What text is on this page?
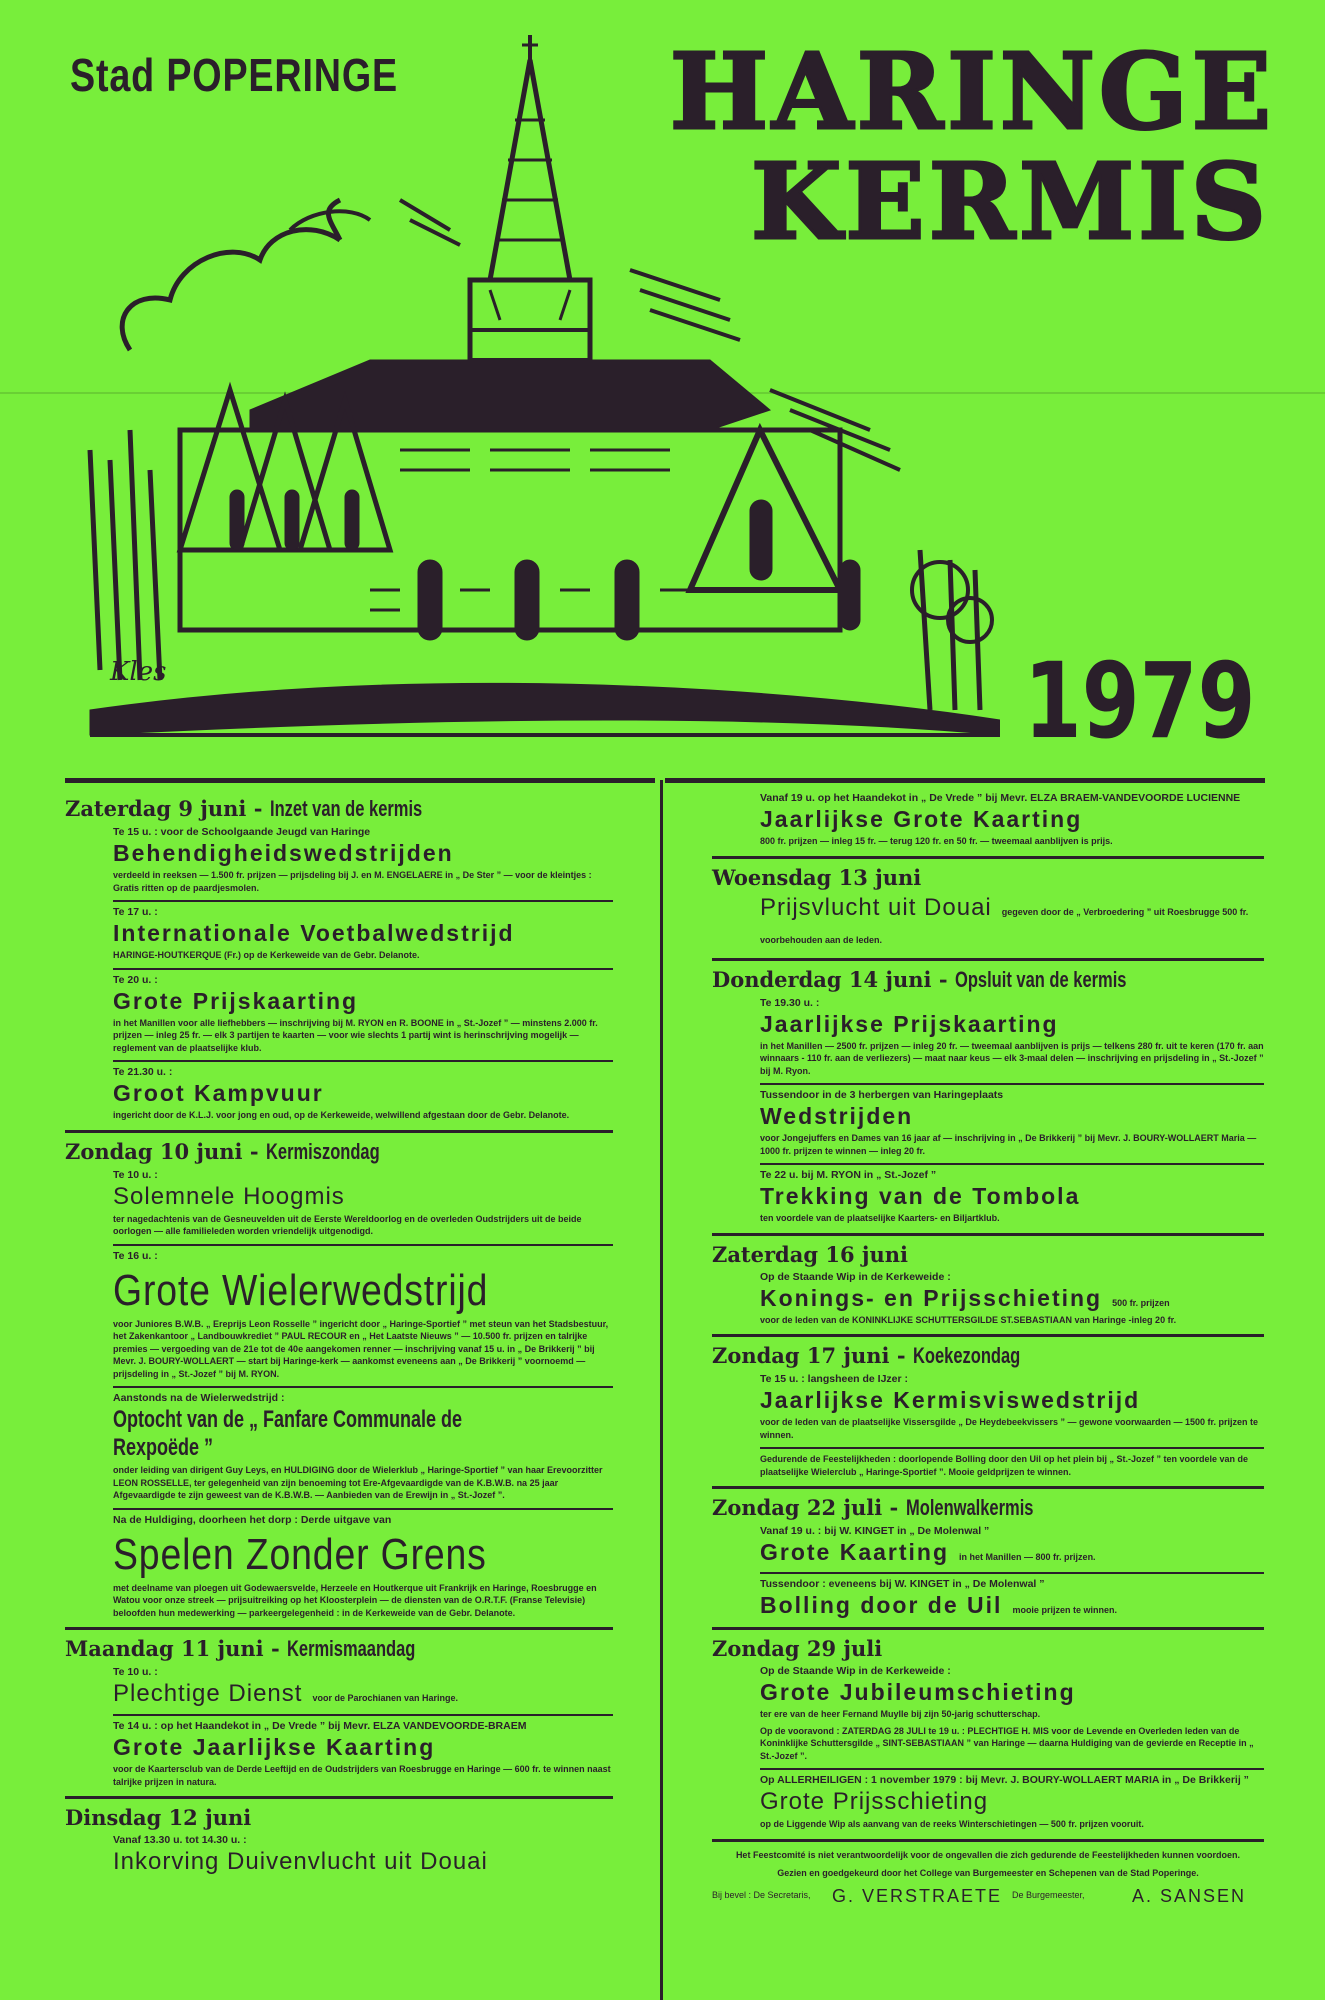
Kles
Stad POPERINGE	HARINGE
KERMIS
1979
Zaterdag 9 juni - Inzet van de kermis
Te 15 u. : voor de Schoolgaande Jeugd van Haringe
Behendigheidswedstrijden
verdeeld in reeksen — 1.500 fr. prijzen — prijsdeling bij J. en M. ENGELAERE in „ De Ster ” — voor de kleintjes : Gratis ritten op de paardjesmolen.
Te 17 u. :
Internationale Voetbalwedstrijd
HARINGE-HOUTKERQUE (Fr.) op de Kerkeweide van de Gebr. Delanote.
Te 20 u. :
Grote Prijskaarting
in het Manillen voor alle liefhebbers — inschrijving bij M. RYON en R. BOONE in „ St.-Jozef ” — minstens 2.000 fr. prijzen — inleg 25 fr. — elk 3 partijen te kaarten — voor wie slechts 1 partij wint is herinschrijving mogelijk — reglement van de plaatselijke klub.
Te 21.30 u. :
Groot Kampvuur
ingericht door de K.L.J. voor jong en oud, op de Kerkeweide, welwillend afgestaan door de Gebr. Delanote.
Zondag 10 juni - Kermiszondag
Te 10 u. :
Solemnele Hoogmis
ter nagedachtenis van de Gesneuvelden uit de Eerste Wereldoorlog en de overleden Oudstrijders uit de beide oorlogen — alle familieleden worden vriendelijk uitgenodigd.
Te 16 u. :
Grote Wielerwedstrijd
voor Juniores B.W.B. „ Ereprijs Leon Rosselle ” ingericht door „ Haringe-Sportief ” met steun van het Stadsbestuur, het Zakenkantoor „ Landbouwkrediet ” PAUL RECOUR en „ Het Laatste Nieuws ” — 10.500 fr. prijzen en talrijke premies — vergoeding van de 21e tot de 40e aangekomen renner — inschrijving vanaf 15 u. in „ De Brikkerij ” bij Mevr. J. BOURY-WOLLAERT — start bij Haringe-kerk — aankomst eveneens aan „ De Brikkerij ” voornoemd — prijsdeling in „ St.-Jozef ” bij M. RYON.
Aanstonds na de Wielerwedstrijd :
Optocht van de „ Fanfare Communale de Rexpoëde ”
onder leiding van dirigent Guy Leys, en HULDIGING door de Wielerklub „ Haringe-Sportief ” van haar Erevoorzitter LEON ROSSELLE, ter gelegenheid van zijn benoeming tot Ere-Afgevaardigde van de K.B.W.B. na 25 jaar Afgevaardigde te zijn geweest van de K.B.W.B. — Aanbieden van de Erewijn in „ St.-Jozef ”.
Na de Huldiging, doorheen het dorp : Derde uitgave van
Spelen Zonder Grens
met deelname van ploegen uit Godewaersvelde, Herzeele en Houtkerque uit Frankrijk en Haringe, Roesbrugge en Watou voor onze streek — prijsuitreiking op het Kloosterplein — de diensten van de O.R.T.F. (Franse Televisie) beloofden hun medewerking — parkeergelegenheid : in de Kerkeweide van de Gebr. Delanote.
Maandag 11 juni - Kermismaandag
Te 10 u. :
Plechtige Dienst voor de Parochianen van Haringe.
Te 14 u. : op het Haandekot in „ De Vrede ” bij Mevr. ELZA VANDEVOORDE-BRAEM
Grote Jaarlijkse Kaarting
voor de Kaartersclub van de Derde Leeftijd en de Oudstrijders van Roesbrugge en Haringe — 600 fr. te winnen naast talrijke prijzen in natura.
Dinsdag 12 juni
Vanaf 13.30 u. tot 14.30 u. :
Inkorving Duivenvlucht uit Douai
Vanaf 19 u. op het Haandekot in „ De Vrede ” bij Mevr. ELZA BRAEM-VANDEVOORDE LUCIENNE
Jaarlijkse Grote Kaarting
800 fr. prijzen — inleg 15 fr. — terug 120 fr. en 50 fr. — tweemaal aanblijven is prijs.
Woensdag 13 juni
Prijsvlucht uit Douai gegeven door de „ Verbroedering ” uit Roesbrugge 500 fr. voorbehouden aan de leden.
Donderdag 14 juni - Opsluit van de kermis
Te 19.30 u. :
Jaarlijkse Prijskaarting
in het Manillen — 2500 fr. prijzen — inleg 20 fr. — tweemaal aanblijven is prijs — telkens 280 fr. uit te keren (170 fr. aan winnaars - 110 fr. aan de verliezers) — maat naar keus — elk 3-maal delen — inschrijving en prijsdeling in „ St.-Jozef ” bij M. Ryon.
Tussendoor in de 3 herbergen van Haringeplaats
Wedstrijden
voor Jongejuffers en Dames van 16 jaar af — inschrijving in „ De Brikkerij ” bij Mevr. J. BOURY-WOLLAERT Maria — 1000 fr. prijzen te winnen — inleg 20 fr.
Te 22 u. bij M. RYON in „ St.-Jozef ”
Trekking van de Tombola
ten voordele van de plaatselijke Kaarters- en Biljartklub.
Zaterdag 16 juni
Op de Staande Wip in de Kerkeweide :
Konings- en Prijsschieting 500 fr. prijzen
voor de leden van de KONINKLIJKE SCHUTTERSGILDE ST.SEBASTIAAN van Haringe -inleg 20 fr.
Zondag 17 juni - Koekezondag
Te 15 u. : langsheen de IJzer :
Jaarlijkse Kermisviswedstrijd
voor de leden van de plaatselijke Vissersgilde „ De Heydebeekvissers ” — gewone voorwaarden — 1500 fr. prijzen te winnen.
Gedurende de Feestelijkheden : doorlopende Bolling door den Uil op het plein bij „ St.-Jozef ” ten voordele van de plaatselijke Wielerclub „ Haringe-Sportief ”. Mooie geldprijzen te winnen.
Zondag 22 juli - Molenwalkermis
Vanaf 19 u. : bij W. KINGET in „ De Molenwal ”
Grote Kaarting in het Manillen — 800 fr. prijzen.
Tussendoor : eveneens bij W. KINGET in „ De Molenwal ”
Bolling door de Uil mooie prijzen te winnen.
Zondag 29 juli
Op de Staande Wip in de Kerkeweide :
Grote Jubileumschieting
ter ere van de heer Fernand Muylle bij zijn 50-jarig schutterschap.
Op de vooravond : ZATERDAG 28 JULI te 19 u. : PLECHTIGE H. MIS voor de Levende en Overleden leden van de Koninklijke Schuttersgilde „ SINT-SEBASTIAAN ” van Haringe — daarna Huldiging van de gevierde en Receptie in „ St.-Jozef ”.
Op ALLERHEILIGEN : 1 november 1979 : bij Mevr. J. BOURY-WOLLAERT MARIA in „ De Brikkerij ”
Grote Prijsschieting
op de Liggende Wip als aanvang van de reeks Winterschietingen — 500 fr. prijzen vooruit.
Het Feestcomité is niet verantwoordelijk voor de ongevallen die zich gedurende de Feestelijkheden kunnen voordoen.
Gezien en goedgekeurd door het College van Burgemeester en Schepenen van de Stad Poperinge.
Bij bevel : De Secretaris, G. VERSTRAETE De Burgemeester,	A. SANSEN
